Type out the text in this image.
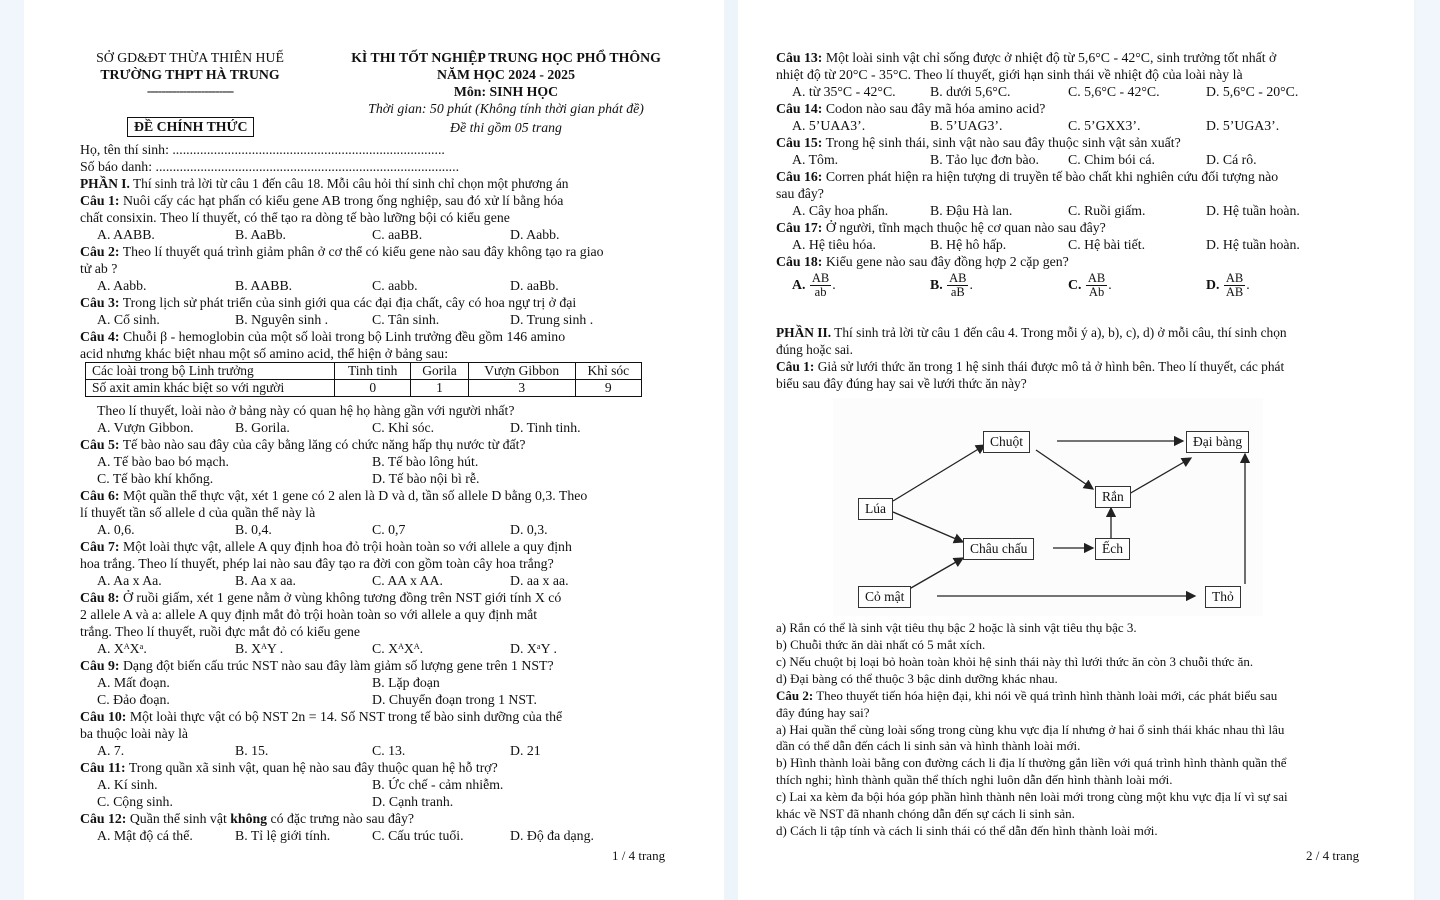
SỞ GD&ĐT THỪA THIÊN HUẾ
TRƯỜNG THPT HÀ TRUNG
------------------------
KÌ THI TỐT NGHIỆP TRUNG HỌC PHỔ THÔNG
NĂM HỌC 2024 - 2025
Môn: SINH HỌC
Thời gian: 50 phút (Không tính thời gian phát đề)
Đề thi gồm 05 trang
ĐỀ CHÍNH THỨC
Họ, tên thí sinh: ...............................................................................
Số báo danh: ........................................................................................
PHẦN I. Thí sinh trả lời từ câu 1 đến câu 18. Mỗi câu hỏi thí sinh chỉ chọn một phương án
Câu 1: Nuôi cấy các hạt phấn có kiểu gene AB trong ống nghiệp, sau đó xử lí bằng hóa
chất consixin. Theo lí thuyết, có thể tạo ra dòng tế bào lưỡng bội có kiểu gene
A. AABB.	B. AaBb.	C. aaBB.	D. Aabb.
Câu 2: Theo lí thuyết quá trình giảm phân ở cơ thể có kiểu gene nào sau đây không tạo ra giao
tử ab ?
A. Aabb.	B. AABB.	C. aabb.	D. aaBb.
Câu 3: Trong lịch sử phát triển của sinh giới qua các đại địa chất, cây có hoa ngự trị ở đại
A. Cổ sinh.	B. Nguyên sinh .	C. Tân sinh.	D. Trung sinh .
Câu 4: Chuỗi β - hemoglobin của một số loài trong bộ Linh trưởng đều gồm 146 amino
acid nhưng khác biệt nhau một số amino acid, thể hiện ở bảng sau:
Các loài trong bộ Linh trưởng	Tinh tinh	Gorila	Vượn Gibbon	Khỉ sóc
Số axit amin khác biệt so với người	0	1	3	9
Theo lí thuyết, loài nào ở bảng này có quan hệ họ hàng gần với người nhất?
A. Vượn Gibbon.	B. Gorila.	C. Khỉ sóc.	D. Tinh tinh.
Câu 5: Tế bào nào sau đây của cây bằng lăng có chức năng hấp thụ nước từ đất?
A. Tế bào bao bó mạch.	B. Tế bào lông hút.
C. Tế bào khí khổng.	D. Tế bào nội bì rễ.
Câu 6: Một quần thể thực vật, xét 1 gene có 2 alen là D và d, tần số allele D bằng 0,3. Theo
lí thuyết tần số allele d của quần thể này là
A. 0,6.	B. 0,4.	C. 0,7	D. 0,3.
Câu 7: Một loài thực vật, allele A quy định hoa đỏ trội hoàn toàn so với allele a quy định
hoa trắng. Theo lí thuyết, phép lai nào sau đây tạo ra đời con gồm toàn cây hoa trắng?
A. Aa x Aa.	B. Aa x aa.	C. AA x AA.	D. aa x aa.
Câu 8: Ở ruồi giấm, xét 1 gene nằm ở vùng không tương đồng trên NST giới tính X có
2 allele A và a: allele A quy định mắt đỏ trội hoàn toàn so với allele a quy định mắt
trắng. Theo lí thuyết, ruồi đực mắt đỏ có kiểu gene
A. XᴬXᵃ.	B. XᴬY .	C. XᴬXᴬ.	D. XᵃY .
Câu 9: Dạng đột biến cấu trúc NST nào sau đây làm giảm số lượng gene trên 1 NST?
A. Mất đoạn.	B. Lặp đoạn
C. Đảo đoạn.	D. Chuyển đoạn trong 1 NST.
Câu 10: Một loài thực vật có bộ NST 2n = 14. Số NST trong tế bào sinh dưỡng của thể
ba thuộc loài này là
A. 7.	B. 15.	C. 13.	D. 21
Câu 11: Trong quần xã sinh vật, quan hệ nào sau đây thuộc quan hệ hỗ trợ?
A. Kí sinh.	B. Ức chế - cảm nhiễm.
C. Cộng sinh.	D. Cạnh tranh.
Câu 12: Quần thể sinh vật không có đặc trưng nào sau đây?
A. Mật độ cá thể.	B. Tỉ lệ giới tính.	C. Cấu trúc tuổi.	D. Độ đa dạng.
1 / 4 trang
Câu 13: Một loài sinh vật chỉ sống được ở nhiệt độ từ 5,6°C - 42°C, sinh trưởng tốt nhất ở
nhiệt độ từ 20°C - 35°C. Theo lí thuyết, giới hạn sinh thái về nhiệt độ của loài này là
A. từ 35°C - 42°C. B. dưới 5,6°C.	C. 5,6°C - 42°C.	D. 5,6°C - 20°C.
Câu 14: Codon nào sau đây mã hóa amino acid?
A. 5’UAA3’.	B. 5’UAG3’.	C. 5’GXX3’.	D. 5’UGA3’.
Câu 15: Trong hệ sinh thái, sinh vật nào sau đây thuộc sinh vật sản xuất?
A. Tôm.	B. Tảo lục đơn bào. C. Chim bói cá.	D. Cá rô.
Câu 16: Corren phát hiện ra hiện tượng di truyền tế bào chất khi nghiên cứu đối tượng nào
sau đây?
A. Cây hoa phấn.	B. Đậu Hà lan.	C. Ruồi giấm.	D. Hệ tuần hoàn.
Câu 17: Ở người, tĩnh mạch thuộc hệ cơ quan nào sau đây?
A. Hệ tiêu hóa.	B. Hệ hô hấp.	C. Hệ bài tiết.	D. Hệ tuần hoàn.
Câu 18: Kiểu gene nào sau đây đồng hợp 2 cặp gen?
A. $\frac{AB}{ab}$ .	B. $\frac{AB}{aB}$ .	C. $\frac{AB}{Ab}$ .	D. $\frac{AB}{AB}$ .
PHẦN II. Thí sinh trả lời từ câu 1 đến câu 4. Trong mỗi ý a), b), c), d) ở mỗi câu, thí sinh chọn
đúng hoặc sai.
Câu 1: Giả sử lưới thức ăn trong 1 hệ sinh thái được mô tả ở hình bên. Theo lí thuyết, các phát
biểu sau đây đúng hay sai về lưới thức ăn này?
Chuột	Đại bàng
Rắn
Lúa
Châu chấu	Ếch
Cỏ mật	Thỏ
a) Rắn có thể là sinh vật tiêu thụ bậc 2 hoặc là sinh vật tiêu thụ bậc 3.
b) Chuỗi thức ăn dài nhất có 5 mắt xích.
c) Nếu chuột bị loại bỏ hoàn toàn khỏi hệ sinh thái này thì lưới thức ăn còn 3 chuỗi thức ăn.
d) Đại bàng có thể thuộc 3 bậc dinh dưỡng khác nhau.
Câu 2: Theo thuyết tiến hóa hiện đại, khi nói về quá trình hình thành loài mới, các phát biểu sau
đây đúng hay sai?
a) Hai quần thể cùng loài sống trong cùng khu vực địa lí nhưng ở hai ổ sinh thái khác nhau thì lâu
dần có thể dẫn đến cách li sinh sản và hình thành loài mới.
b) Hình thành loài bằng con đường cách li địa lí thường gắn liền với quá trình hình thành quần thể
thích nghi; hình thành quần thể thích nghi luôn dẫn đến hình thành loài mới.
c) Lai xa kèm đa bội hóa góp phần hình thành nên loài mới trong cùng một khu vực địa lí vì sự sai
khác về NST đã nhanh chóng dẫn đến sự cách li sinh sản.
d) Cách li tập tính và cách li sinh thái có thể dẫn đến hình thành loài mới.
2 / 4 trang
